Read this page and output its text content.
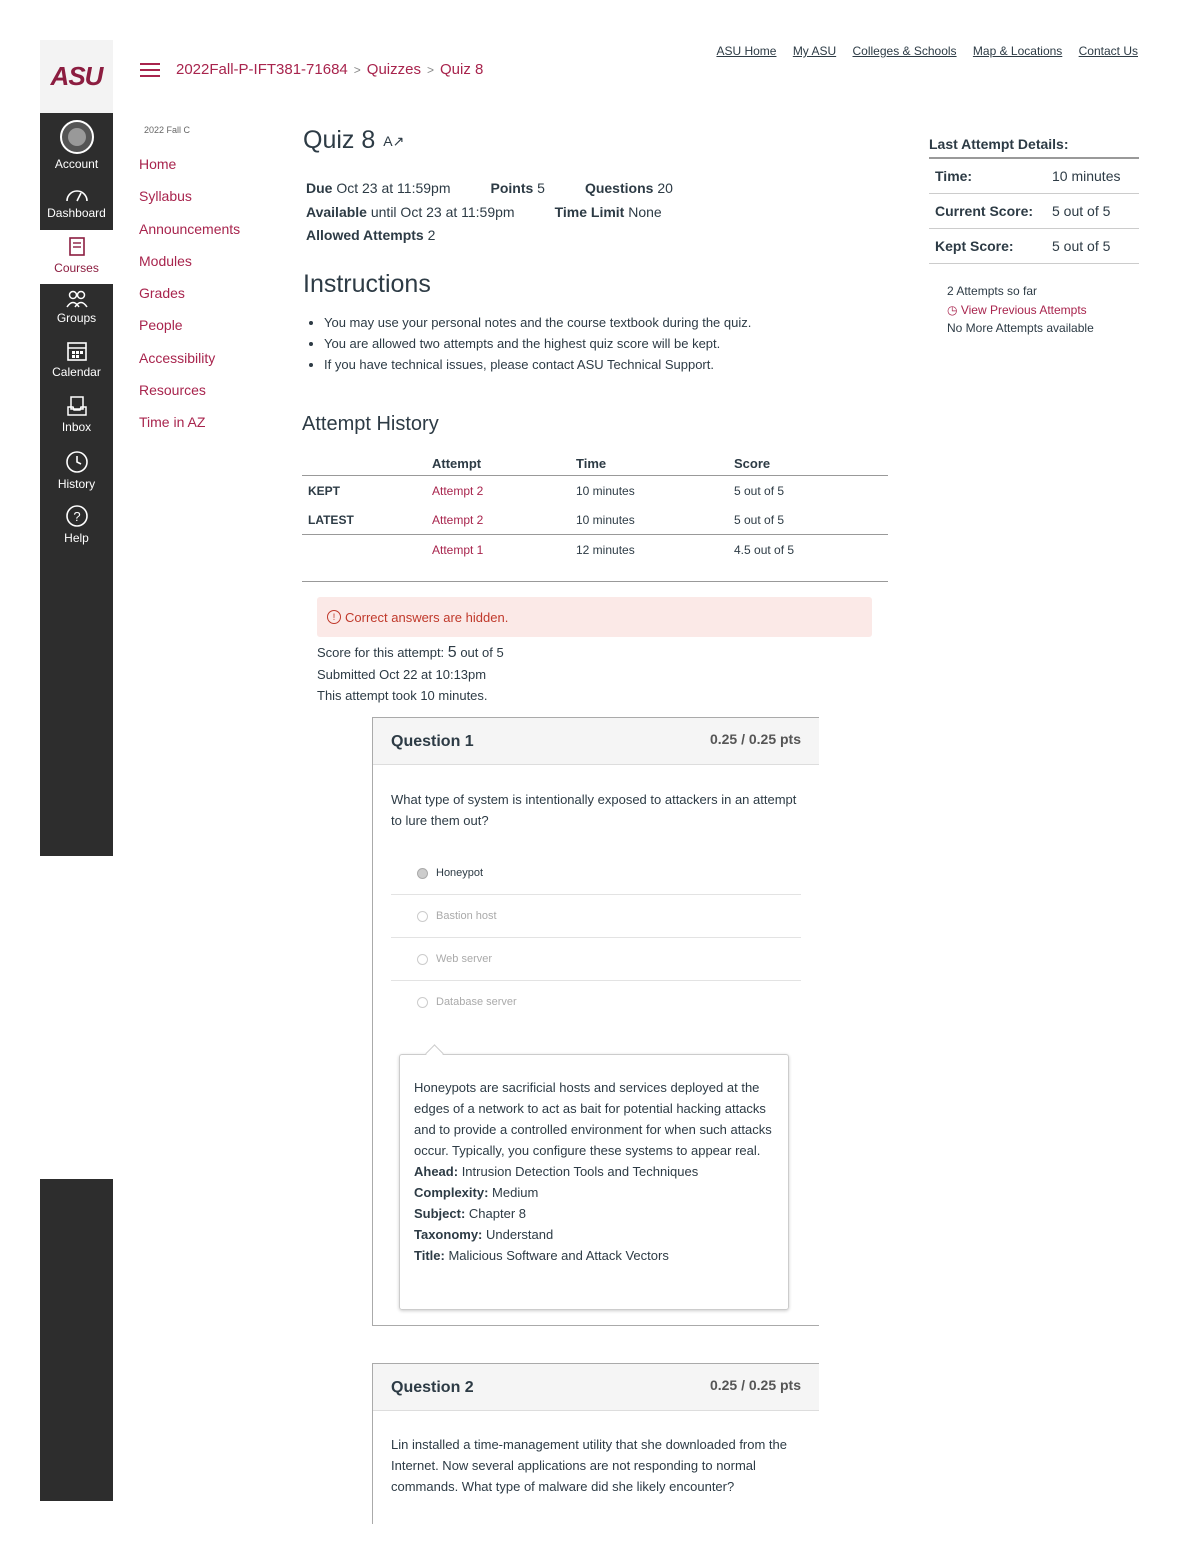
ASU
Account
Dashboard
Courses
Groups
Calendar
Inbox
History
?
Help
2022Fall-P-IFT381-71684 > Quizzes > Quiz 8
ASU Home My ASU Colleges & Schools Map & Locations Contact Us
2022 Fall C
Home
Syllabus
Announcements
Modules
Grades
People
Accessibility
Resources
Time in AZ
Quiz 8 A↗
Due Oct 23 at 11:59pm	Points 5	Questions 20
Available until Oct 23 at 11:59pm	Time Limit None
Allowed Attempts 2
Instructions
• You may use your personal notes and the course textbook during the quiz.
• You are allowed two attempts and the highest quiz score will be kept.
• If you have technical issues, please contact ASU Technical Support.
Attempt History
	Attempt	Time	Score
KEPT	Attempt 2	10 minutes	5 out of 5
LATEST	Attempt 2	10 minutes	5 out of 5
	Attempt 1	12 minutes	4.5 out of 5
! Correct answers are hidden.
Score for this attempt: 5 out of 5
Submitted Oct 22 at 10:13pm
This attempt took 10 minutes.
Question 1	0.25 / 0.25 pts
What type of system is intentionally exposed to attackers in an attempt to lure them out?
Honeypot
Bastion host
Web server
Database server
Honeypots are sacrificial hosts and services deployed at the edges of a network to act as bait for potential hacking attacks and to provide a controlled environment for when such attacks occur. Typically, you configure these systems to appear real.
Ahead: Intrusion Detection Tools and Techniques
Complexity: Medium
Subject: Chapter 8
Taxonomy: Understand
Title: Malicious Software and Attack Vectors
Question 2	0.25 / 0.25 pts
Lin installed a time-management utility that she downloaded from the Internet. Now several applications are not responding to normal commands. What type of malware did she likely encounter?
Last Attempt Details:
Time:	10 minutes
Current Score:	5 out of 5
Kept Score:	5 out of 5
2 Attempts so far
◷ View Previous Attempts
No More Attempts available
